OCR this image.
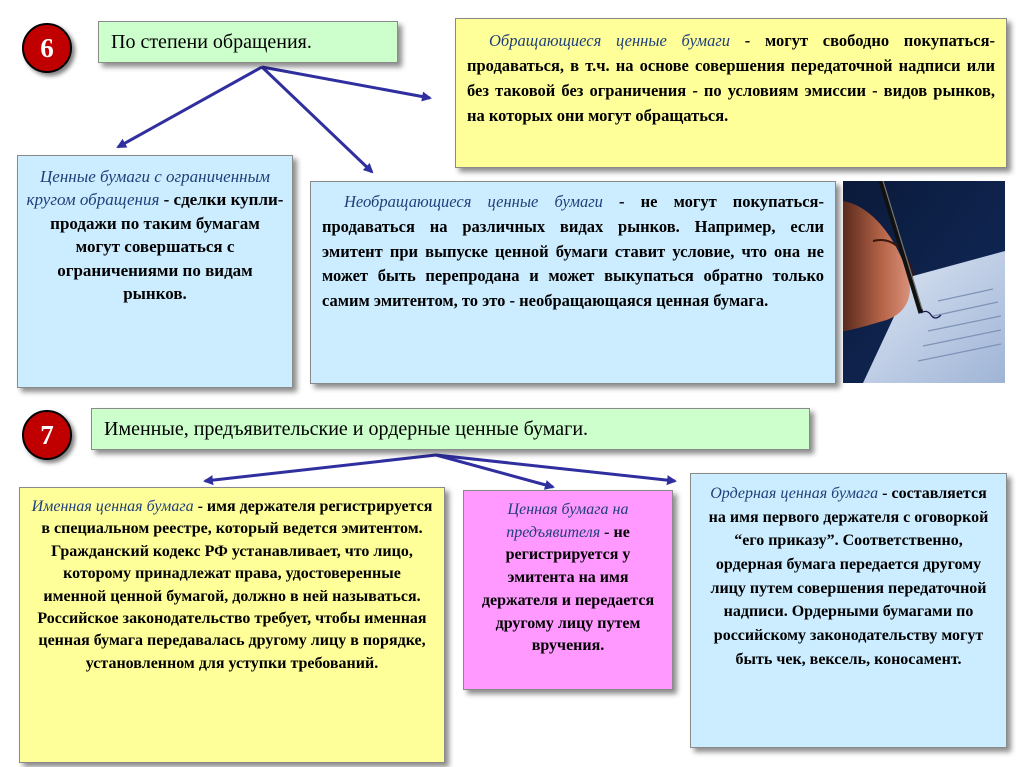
6	По степени обращения.	Обращающиеся ценные бумаги - могут свободно покупаться-продаваться, в т.ч. на основе совершения передаточной надписи или без таковой без ограничения - по условиям эмиссии - видов рынков, на которых они могут обращаться.
Ценные бумаги с ограниченным кругом обращения - сделки купли-продажи по таким бумагам могут совершаться с ограничениями по видам рынков.
Необращающиеся ценные бумаги - не могут покупаться-продаваться на различных видах рынков. Например, если эмитент при выпуске ценной бумаги ставит условие, что она не может быть перепродана и может выкупаться обратно только самим эмитентом, то это - необращающаяся ценная бумага.
7	Именные, предъявительские и ордерные ценные бумаги.
Именная ценная бумага - имя держателя регистрируется в специальном реестре, который ведется эмитентом. Гражданский кодекс РФ устанавливает, что лицо, которому принадлежат права, удостоверенные именной ценной бумагой, должно в ней называться. Российское законодательство требует, чтобы именная ценная бумага передавалась другому лицу в порядке, установленном для уступки требований.
Ценная бумага на предъявителя - не регистрируется у эмитента на имя держателя и передается другому лицу путем вручения.
Ордерная ценная бумага - составляется на имя первого держателя с оговоркой “его приказу”. Соответственно, ордерная бумага передается другому лицу путем совершения передаточной надписи. Ордерными бумагами по российскому законодательству могут быть чек, вексель, коносамент.
